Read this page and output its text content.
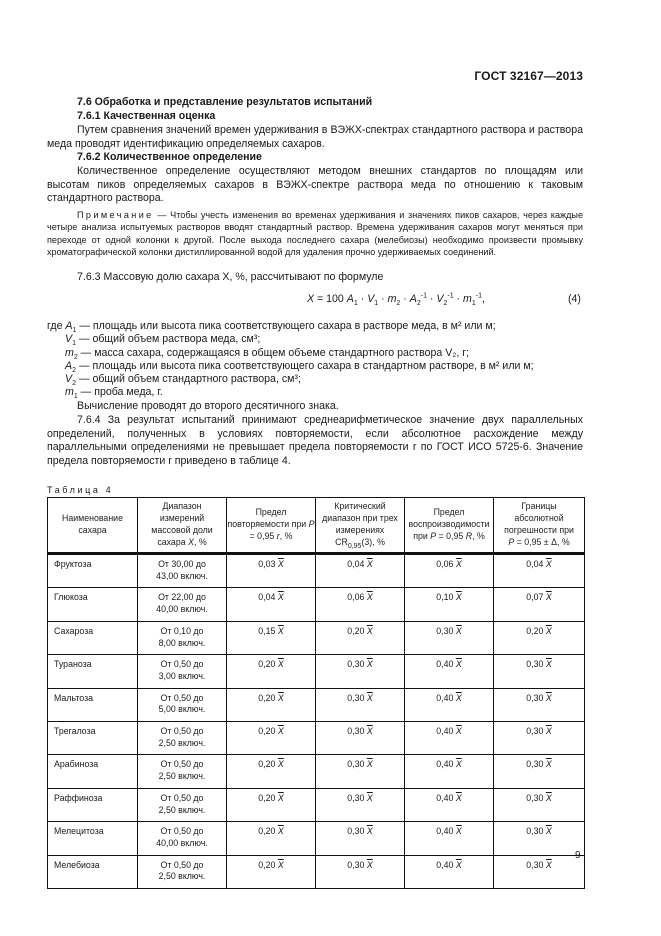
ГОСТ 32167—2013
7.6 Обработка и представление результатов испытаний
7.6.1 Качественная оценка
Путем сравнения значений времен удерживания в ВЭЖХ-спектрах стандартного раствора и раствора меда проводят идентификацию определяемых сахаров.
7.6.2 Количественное определение
Количественное определение осуществляют методом внешних стандартов по площадям или высотам пиков определяемых сахаров в ВЭЖХ-спектре раствора меда по отношению к таковым стандартного раствора.
Примечание — Чтобы учесть изменения во временах удерживания и значениях пиков сахаров, через каждые четыре анализа испытуемых растворов вводят стандартный раствор. Времена удерживания сахаров могут меняться при переходе от одной колонки к другой. После выхода последнего сахара (мелебиозы) необходимо произвести промывку хроматографической колонки дистиллированной водой для удаления прочно удерживаемых соединений.
7.6.3 Массовую долю сахара X, %, рассчитывают по формуле
X = 100 $A_1 \cdot V_1 \cdot m_2 \cdot A_2^{-1} \cdot V_2^{-1} \cdot m_1^{-1}$,	(4)
где $A_1$ — площадь или высота пика соответствующего сахара в растворе меда, в м² или м;
$V_1$ — общий объем раствора меда, см³;
$m_2$ — масса сахара, содержащаяся в общем объеме стандартного раствора V₂, г;
$A_2$ — площадь или высота пика соответствующего сахара в стандартном растворе, в м² или м;
$V_2$ — общий объем стандартного раствора, см³;
$m_1$ — проба меда, г.
Вычисление проводят до второго десятичного знака.
7.6.4 За результат испытаний принимают среднеарифметическое значение двух параллельных определений, полученных в условиях повторяемости, если абсолютное расхождение между параллельными определениями не превышает предела повторяемости r по ГОСТ ИСО 5725-6. Значение предела повторяемости r приведено в таблице 4.
Таблица 4
Наименование сахара	Диапазон измерений массовой доли сахара X, %	Предел повторяемости при P = 0,95 r, %	Критический диапазон при трех измерениях $CR_{0,95}(3)$, %	Предел воспроизводимости при P = 0,95 R, %	Границы абсолютной погрешности при P = 0,95 ± Δ, %
Фруктоза	От 30,00 до 43,00 включ.	0,03 $\overline{X}$	0,04 $\overline{X}$	0,06 $\overline{X}$	0,04 $\overline{X}$
Глюкоза	От 22,00 до 40,00 включ.	0,04 $\overline{X}$	0,06 $\overline{X}$	0,10 $\overline{X}$	0,07 $\overline{X}$
Сахароза	От 0,10 до 8,00 включ.	0,15 $\overline{X}$	0,20 $\overline{X}$	0,30 $\overline{X}$	0,20 $\overline{X}$
Тураноза	От 0,50 до 3,00 включ.	0,20 $\overline{X}$	0,30 $\overline{X}$	0,40 $\overline{X}$	0,30 $\overline{X}$
Мальтоза	От 0,50 до 5,00 включ.	0,20 $\overline{X}$	0,30 $\overline{X}$	0,40 $\overline{X}$	0,30 $\overline{X}$
Трегалоза	От 0,50 до 2,50 включ.	0,20 $\overline{X}$	0,30 $\overline{X}$	0,40 $\overline{X}$	0,30 $\overline{X}$
Арабиноза	От 0,50 до 2,50 включ.	0,20 $\overline{X}$	0,30 $\overline{X}$	0,40 $\overline{X}$	0,30 $\overline{X}$
Раффиноза	От 0,50 до 2,50 включ.	0,20 $\overline{X}$	0,30 $\overline{X}$	0,40 $\overline{X}$	0,30 $\overline{X}$
Мелецитоза	От 0,50 до 40,00 включ.	0,20 $\overline{X}$	0,30 $\overline{X}$	0,40 $\overline{X}$	0,30 $\overline{X}$
Мелебиоза	От 0,50 до 2,50 включ.	0,20 $\overline{X}$	0,30 $\overline{X}$	0,40 $\overline{X}$	0,30 $\overline{X}$
9
